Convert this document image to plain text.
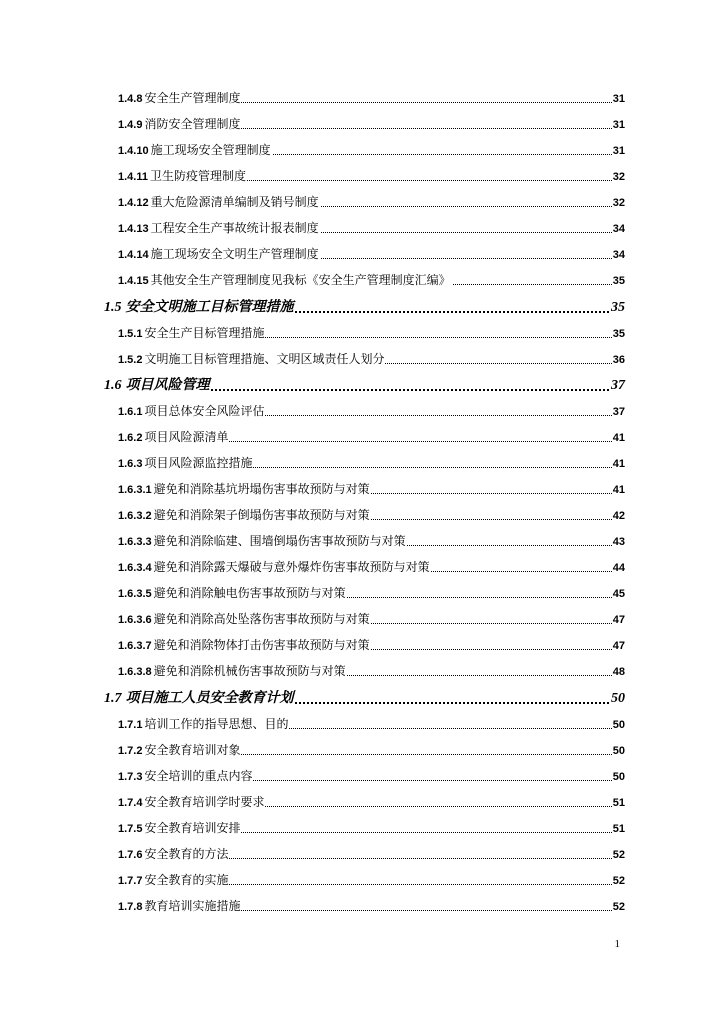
1.4.8 安全生产管理制度	31
1.4.9 消防安全管理制度	31
1.4.10 施工现场安全管理制度	31
1.4.11 卫生防疫管理制度	32
1.4.12 重大危险源清单编制及销号制度	32
1.4.13 工程安全生产事故统计报表制度	34
1.4.14 施工现场安全文明生产管理制度	34
1.4.15 其他安全生产管理制度见我标《安全生产管理制度汇编》	35
1.5 安全文明施工目标管理措施	35
1.5.1 安全生产目标管理措施	35
1.5.2 文明施工目标管理措施、文明区域责任人划分	36
1.6 项目风险管理	37
1.6.1 项目总体安全风险评估	37
1.6.2 项目风险源清单	41
1.6.3 项目风险源监控措施	41
1.6.3.1 避免和消除基坑坍塌伤害事故预防与对策	41
1.6.3.2 避免和消除架子倒塌伤害事故预防与对策	42
1.6.3.3 避免和消除临建、围墙倒塌伤害事故预防与对策	43
1.6.3.4 避免和消除露天爆破与意外爆炸伤害事故预防与对策	44
1.6.3.5 避免和消除触电伤害事故预防与对策	45
1.6.3.6 避免和消除高处坠落伤害事故预防与对策	47
1.6.3.7 避免和消除物体打击伤害事故预防与对策	47
1.6.3.8 避免和消除机械伤害事故预防与对策	48
1.7 项目施工人员安全教育计划	50
1.7.1 培训工作的指导思想、目的	50
1.7.2 安全教育培训对象	50
1.7.3 安全培训的重点内容	50
1.7.4 安全教育培训学时要求	51
1.7.5 安全教育培训安排	51
1.7.6 安全教育的方法	52
1.7.7 安全教育的实施	52
1.7.8 教育培训实施措施	52
1
